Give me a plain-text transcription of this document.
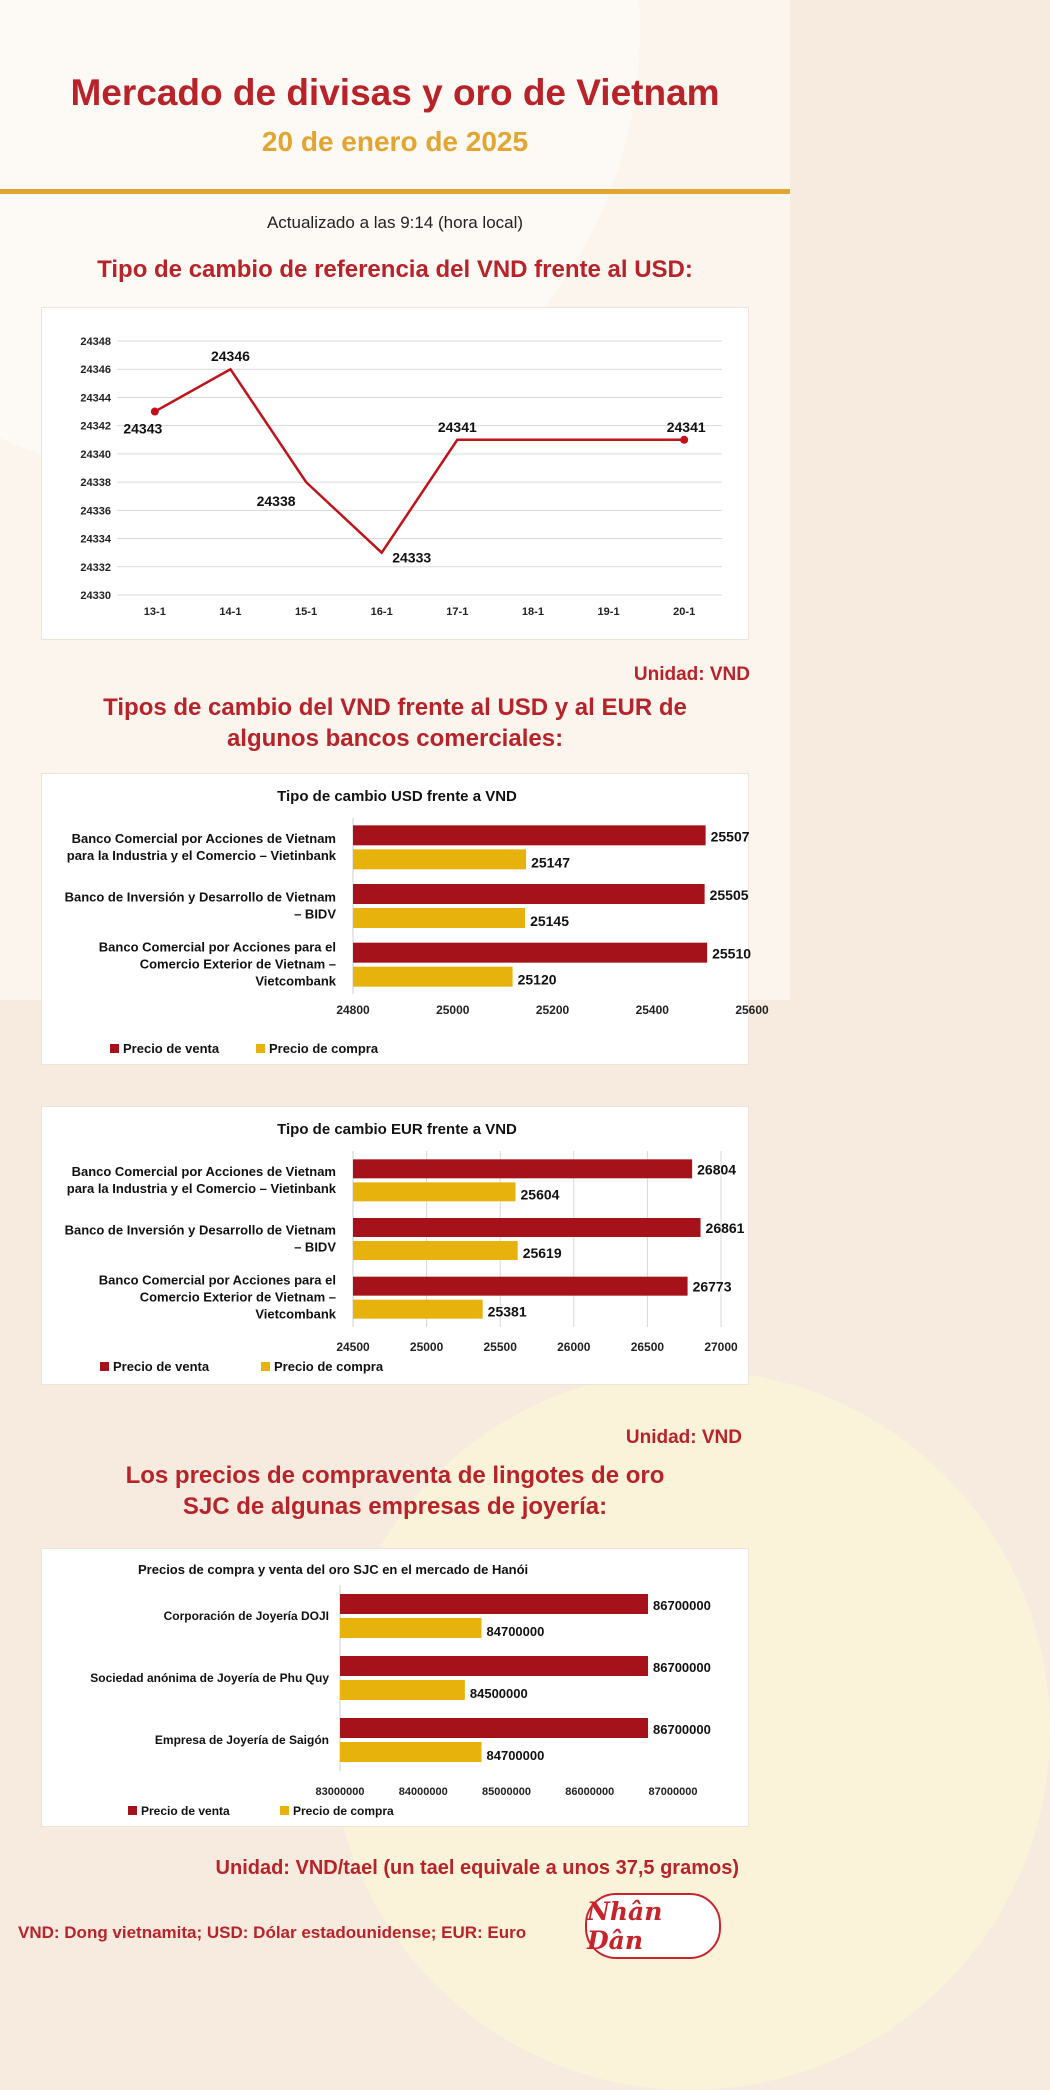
Mercado de divisas y oro de Vietnam
20 de enero de 2025
Actualizado a las 9:14 (hora local)
Tipo de cambio de referencia del VND frente al USD:
24330
24332
24334
24336
24338
24340
24342
24344
24346
24348
13-1	14-1	15-1	16-1	17-1	18-1	19-1	20-1
24343
24346
24338
24333
24341	24341
Unidad: VND
Tipos de cambio del VND frente al USD y al EUR de
algunos bancos comerciales:
Tipo de cambio USD frente a VND
24800	25000	25200	25400	25600
25507
25147
Banco Comercial por Acciones de Vietnam
para la Industria y el Comercio – Vietinbank
25505
25145
Banco de Inversión y Desarrollo de Vietnam
– BIDV
25510
25120
Banco Comercial por Acciones para el
Comercio Exterior de Vietnam –
Vietcombank
Precio de venta	Precio de compra
Tipo de cambio EUR frente a VND
24500	25000	25500	26000	26500	27000
26804
25604
Banco Comercial por Acciones de Vietnam
para la Industria y el Comercio – Vietinbank
26861
25619
Banco de Inversión y Desarrollo de Vietnam
– BIDV
26773
25381
Banco Comercial por Acciones para el
Comercio Exterior de Vietnam –
Vietcombank
Precio de venta	Precio de compra
Unidad: VND
Los precios de compraventa de lingotes de oro
SJC de algunas empresas de joyería:
Precios de compra y venta del oro SJC en el mercado de Hanói
83000000	84000000	85000000	86000000	87000000
86700000
84700000
Corporación de Joyería DOJI
86700000
84500000
Sociedad anónima de Joyería de Phu Quy
86700000
84700000
Empresa de Joyería de Saigón
Precio de venta	Precio de compra
Unidad: VND/tael (un tael equivale a unos 37,5 gramos)
VND: Dong vietnamita; USD: Dólar estadounidense; EUR: Euro
Nhân Dân
